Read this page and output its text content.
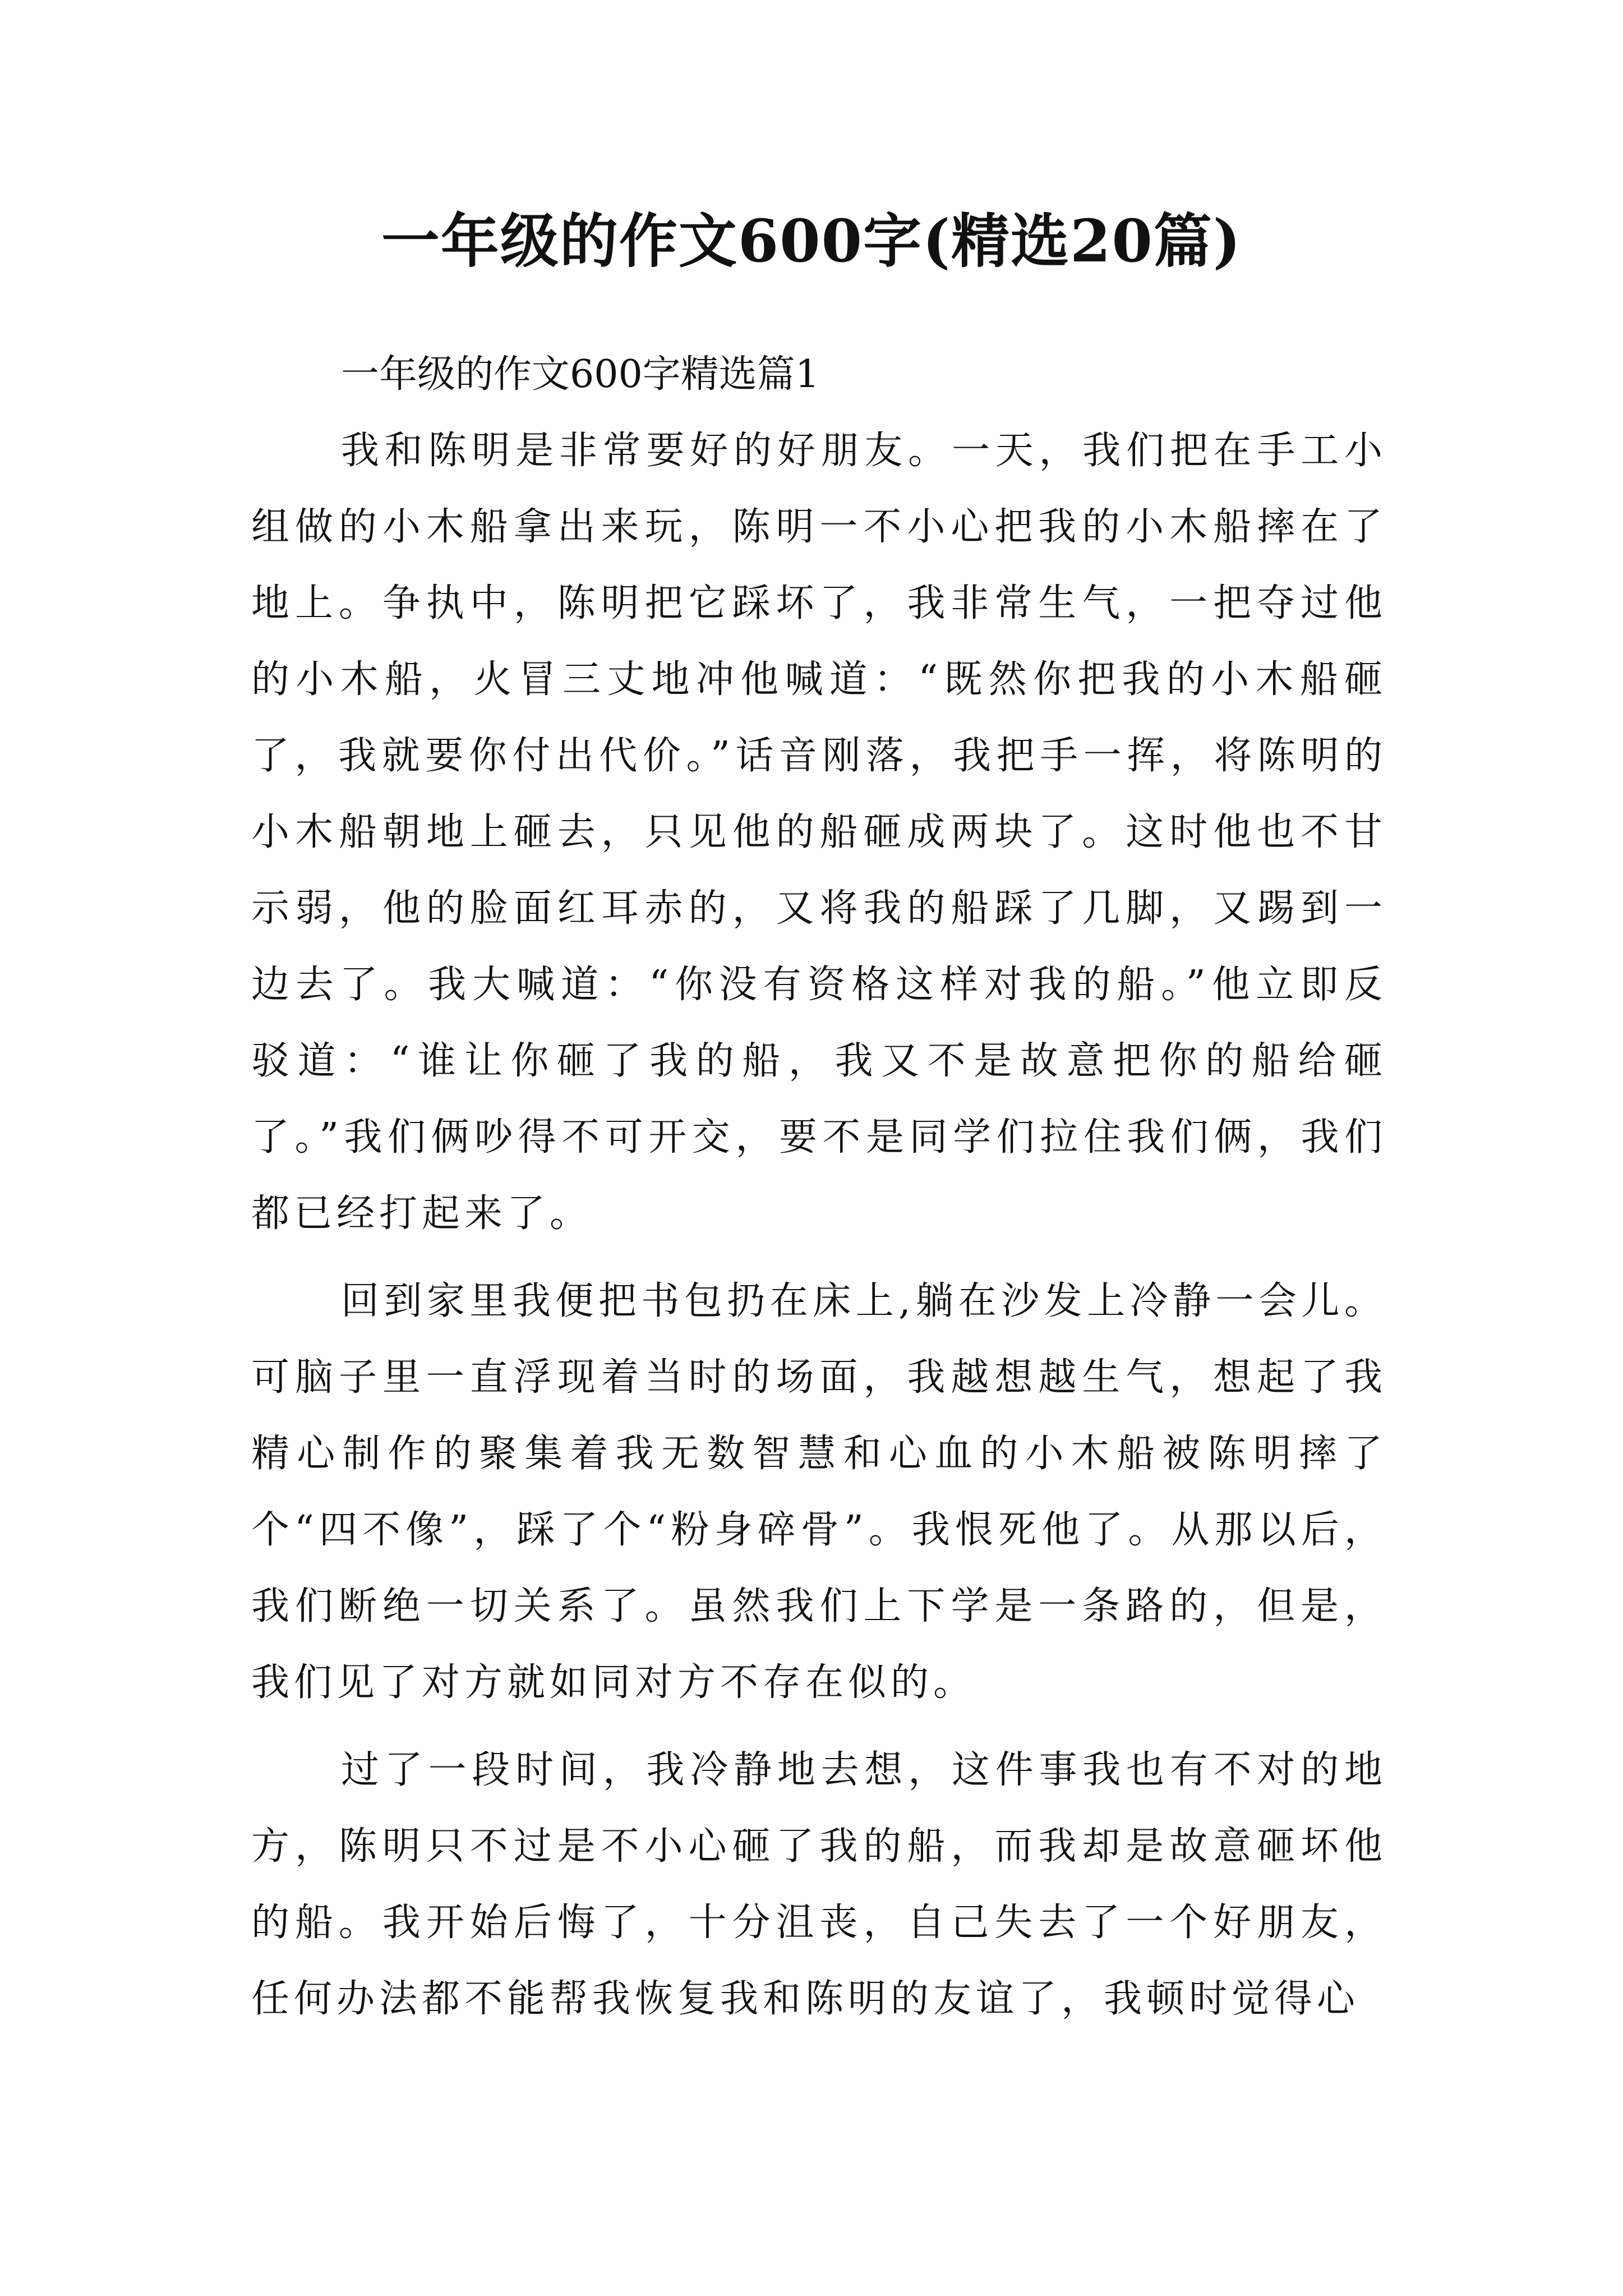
一年级的作文600字(精选20篇)

一年级的作文600字精选篇1

我和陈明是非常要好的好朋友。一天，我们把在手工小组做的小木船拿出来玩，陈明一不小心把我的小木船摔在了地上。争执中，陈明把它踩坏了，我非常生气，一把夺过他的小木船，火冒三丈地冲他喊道：“既然你把我的小木船砸了，我就要你付出代价。”话音刚落，我把手一挥，将陈明的小木船朝地上砸去，只见他的船砸成两块了。这时他也不甘示弱，他的脸面红耳赤的，又将我的船踩了几脚，又踢到一边去了。我大喊道：“你没有资格这样对我的船。”他立即反驳道：“谁让你砸了我的船，我又不是故意把你的船给砸了。”我们俩吵得不可开交，要不是同学们拉住我们俩，我们都已经打起来了。

回到家里我便把书包扔在床上,躺在沙发上冷静一会儿。可脑子里一直浮现着当时的场面，我越想越生气，想起了我精心制作的聚集着我无数智慧和心血的小木船被陈明摔了个“四不像”，踩了个“粉身碎骨”。我恨死他了。从那以后，我们断绝一切关系了。虽然我们上下学是一条路的，但是，我们见了对方就如同对方不存在似的。

过了一段时间，我冷静地去想，这件事我也有不对的地方，陈明只不过是不小心砸了我的船，而我却是故意砸坏他的船。我开始后悔了，十分沮丧，自己失去了一个好朋友，任何办法都不能帮我恢复我和陈明的友谊了，我顿时觉得心
